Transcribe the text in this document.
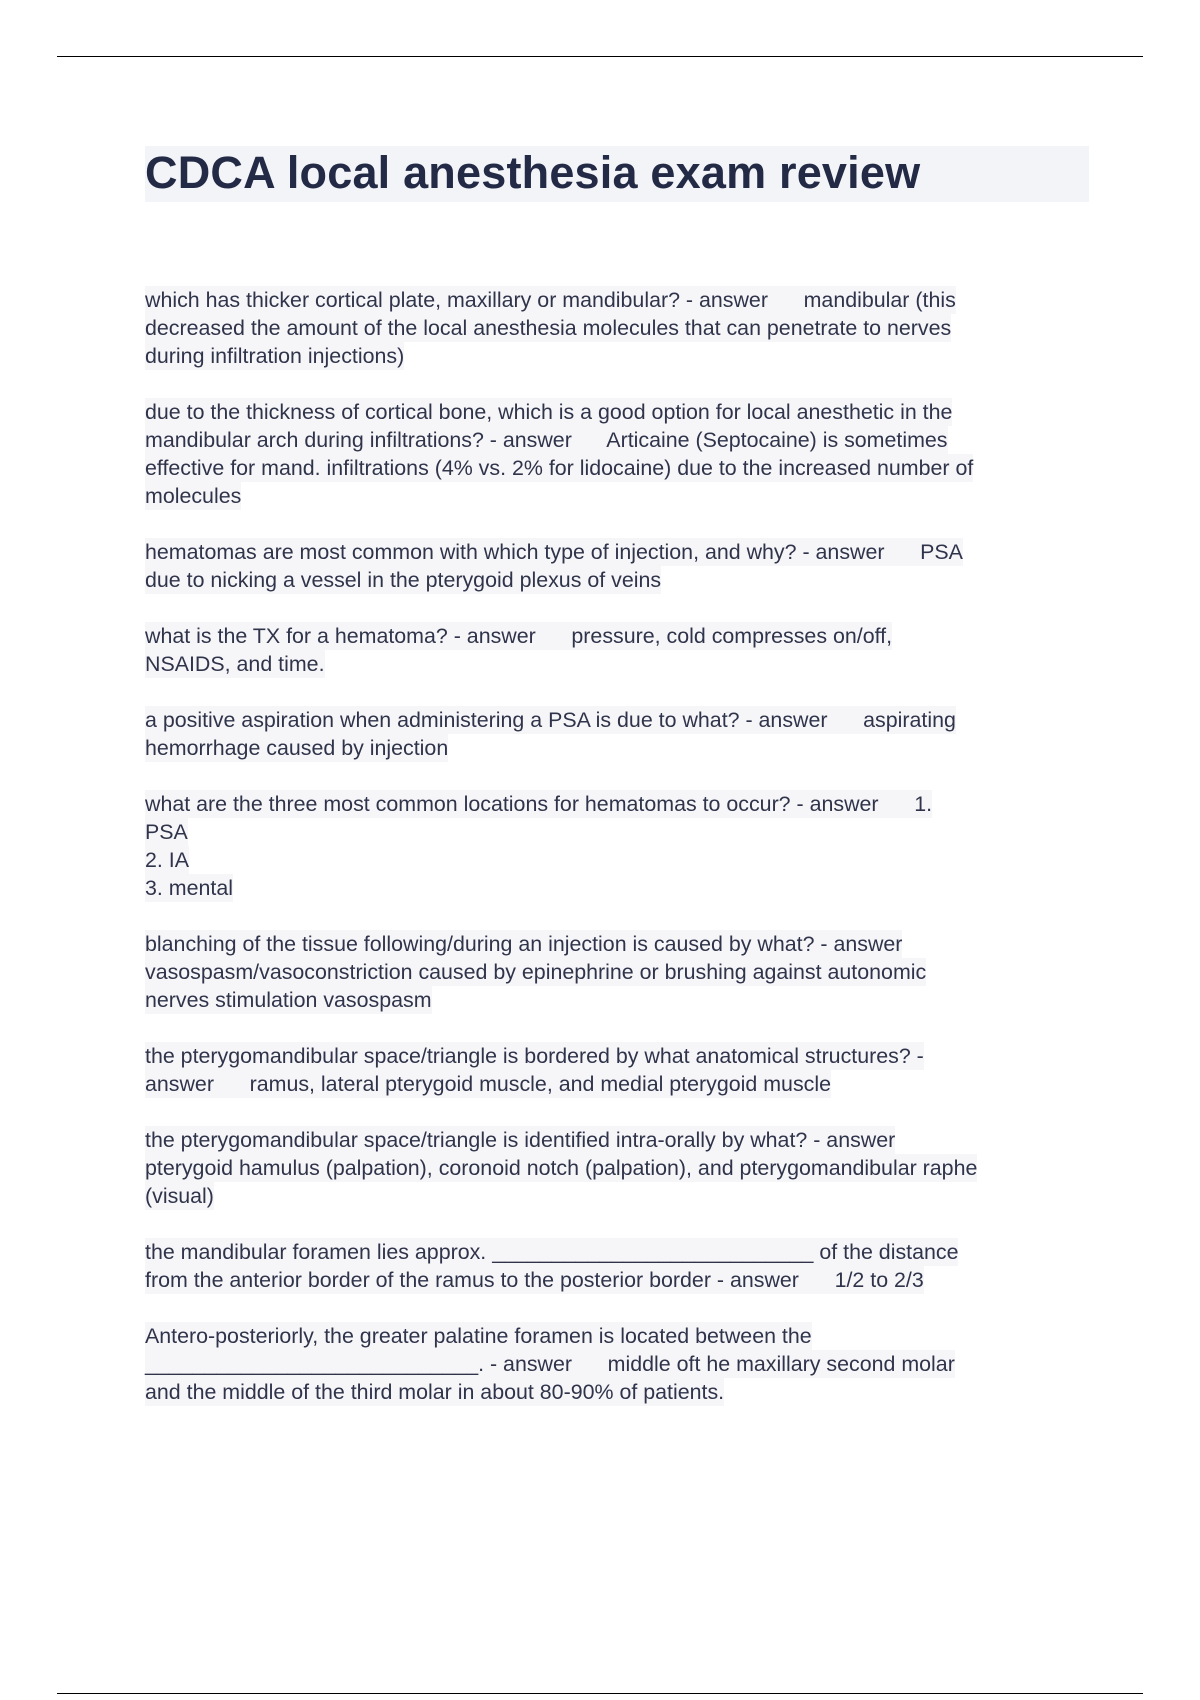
CDCA local anesthesia exam review

which has thicker cortical plate, maxillary or mandibular? - answer      mandibular (this
decreased the amount of the local anesthesia molecules that can penetrate to nerves
during infiltration injections)

due to the thickness of cortical bone, which is a good option for local anesthetic in the
mandibular arch during infiltrations? - answer      Articaine (Septocaine) is sometimes
effective for mand. infiltrations (4% vs. 2% for lidocaine) due to the increased number of
molecules

hematomas are most common with which type of injection, and why? - answer      PSA
due to nicking a vessel in the pterygoid plexus of veins

what is the TX for a hematoma? - answer      pressure, cold compresses on/off,
NSAIDS, and time.

a positive aspiration when administering a PSA is due to what? - answer      aspirating
hemorrhage caused by injection

what are the three most common locations for hematomas to occur? - answer      1.
PSA
2. IA
3. mental

blanching of the tissue following/during an injection is caused by what? - answer
vasospasm/vasoconstriction caused by epinephrine or brushing against autonomic
nerves stimulation vasospasm

the pterygomandibular space/triangle is bordered by what anatomical structures? -
answer      ramus, lateral pterygoid muscle, and medial pterygoid muscle

the pterygomandibular space/triangle is identified intra-orally by what? - answer
pterygoid hamulus (palpation), coronoid notch (palpation), and pterygomandibular raphe
(visual)

the mandibular foramen lies approx. ___________________________ of the distance
from the anterior border of the ramus to the posterior border - answer      1/2 to 2/3

Antero-posteriorly, the greater palatine foramen is located between the
____________________________. - answer      middle oft he maxillary second molar
and the middle of the third molar in about 80-90% of patients.
